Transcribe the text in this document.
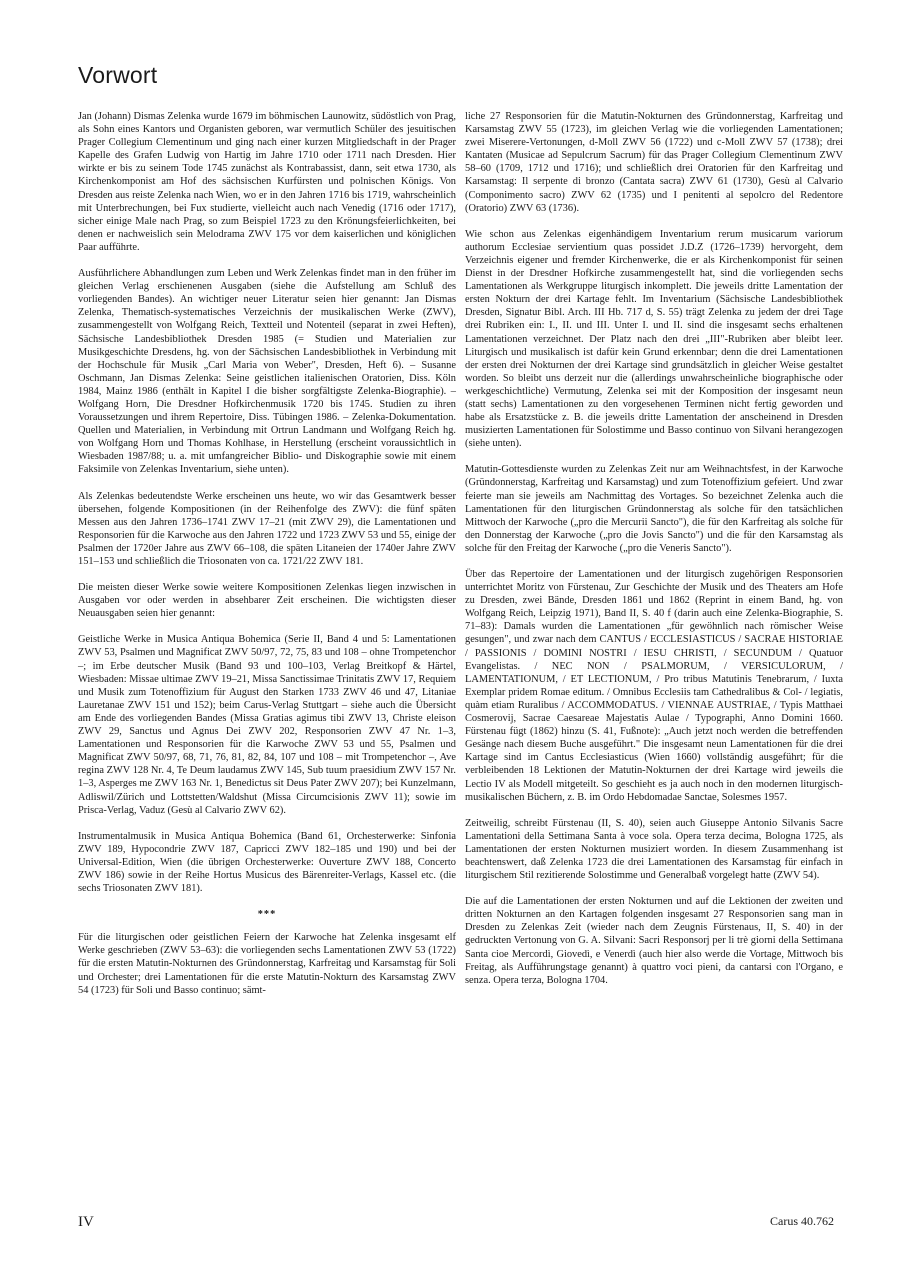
Vorwort

Jan (Johann) Dismas Zelenka wurde 1679 im böhmischen Launowitz, südöstlich von Prag, als Sohn eines Kantors und Organisten geboren, war vermutlich Schüler des jesuitischen Prager Collegium Clementinum und ging nach einer kurzen Mitgliedschaft in der Prager Kapelle des Grafen Ludwig von Hartig im Jahre 1710 oder 1711 nach Dresden. Hier wirkte er bis zu seinem Tode 1745 zunächst als Kontrabassist, dann, seit etwa 1730, als Kirchenkomponist am Hof des sächsischen Kurfürsten und polnischen Königs. Von Dresden aus reiste Zelenka nach Wien, wo er in den Jahren 1716 bis 1719, wahrscheinlich mit Unterbrechungen, bei Fux studierte, vielleicht auch nach Venedig (1716 oder 1717), sicher einige Male nach Prag, so zum Beispiel 1723 zu den Krönungsfeierlichkeiten, bei denen er nachweislich sein Melodrama ZWV 175 vor dem kaiserlichen und königlichen Paar aufführte.

Ausführlichere Abhandlungen zum Leben und Werk Zelenkas findet man in den früher im gleichen Verlag erschienenen Ausgaben (siehe die Aufstellung am Schluß des vorliegenden Bandes). An wichtiger neuer Literatur seien hier genannt: Jan Dismas Zelenka, Thematisch-systematisches Verzeichnis der musikalischen Werke (ZWV), zusammengestellt von Wolfgang Reich, Textteil und Notenteil (separat in zwei Heften), Sächsische Landesbibliothek Dresden 1985 (= Studien und Materialien zur Musikgeschichte Dresdens, hg. von der Sächsischen Landesbibliothek in Verbindung mit der Hochschule für Musik „Carl Maria von Weber", Dresden, Heft 6). – Susanne Oschmann, Jan Dismas Zelenka: Seine geistlichen italienischen Oratorien, Diss. Köln 1984, Mainz 1986 (enthält in Kapitel I die bisher sorgfältigste Zelenka-Biographie). – Wolfgang Horn, Die Dresdner Hofkirchenmusik 1720 bis 1745. Studien zu ihren Voraussetzungen und ihrem Repertoire, Diss. Tübingen 1986. – Zelenka-Dokumentation. Quellen und Materialien, in Verbindung mit Ortrun Landmann und Wolfgang Reich hg. von Wolfgang Horn und Thomas Kohlhase, in Herstellung (erscheint voraussichtlich in Wiesbaden 1987/88; u. a. mit umfangreicher Biblio- und Diskographie sowie mit einem Faksimile von Zelenkas Inventarium, siehe unten).

Als Zelenkas bedeutendste Werke erscheinen uns heute, wo wir das Gesamtwerk besser übersehen, folgende Kompositionen (in der Reihenfolge des ZWV): die fünf späten Messen aus den Jahren 1736–1741 ZWV 17–21 (mit ZWV 29), die Lamentationen und Responsorien für die Karwoche aus den Jahren 1722 und 1723 ZWV 53 und 55, einige der Psalmen der 1720er Jahre aus ZWV 66–108, die späten Litaneien der 1740er Jahre ZWV 151–153 und schließlich die Triosonaten von ca. 1721/22 ZWV 181.

Die meisten dieser Werke sowie weitere Kompositionen Zelenkas liegen inzwischen in Ausgaben vor oder werden in absehbarer Zeit erscheinen. Die wichtigsten dieser Neuausgaben seien hier genannt:

Geistliche Werke in Musica Antiqua Bohemica (Serie II, Band 4 und 5: Lamentationen ZWV 53, Psalmen und Magnificat ZWV 50/97, 72, 75, 83 und 108 – ohne Trompetenchor –; im Erbe deutscher Musik (Band 93 und 100–103, Verlag Breitkopf & Härtel, Wiesbaden: Missae ultimae ZWV 19–21, Missa Sanctissimae Trinitatis ZWV 17, Requiem und Musik zum Totenoffizium für August den Starken 1733 ZWV 46 und 47, Litaniae Lauretanae ZWV 151 und 152); beim Carus-Verlag Stuttgart – siehe auch die Übersicht am Ende des vorliegenden Bandes (Missa Gratias agimus tibi ZWV 13, Christe eleison ZWV 29, Sanctus und Agnus Dei ZWV 202, Responsorien ZWV 47 Nr. 1–3, Lamentationen und Responsorien für die Karwoche ZWV 53 und 55, Psalmen und Magnificat ZWV 50/97, 68, 71, 76, 81, 82, 84, 107 und 108 – mit Trompetenchor –, Ave regina ZWV 128 Nr. 4, Te Deum laudamus ZWV 145, Sub tuum praesidium ZWV 157 Nr. 1–3, Asperges me ZWV 163 Nr. 1, Benedictus sit Deus Pater ZWV 207); bei Kunzelmann, Adliswil/Zürich und Lottstetten/Waldshut (Missa Circumcisionis ZWV 11); sowie im Prisca-Verlag, Vaduz (Gesù al Calvario ZWV 62).

Instrumentalmusik in Musica Antiqua Bohemica (Band 61, Orchesterwerke: Sinfonia ZWV 189, Hypocondrie ZWV 187, Capricci ZWV 182–185 und 190) und bei der Universal-Edition, Wien (die übrigen Orchesterwerke: Ouverture ZWV 188, Concerto ZWV 186) sowie in der Reihe Hortus Musicus des Bärenreiter-Verlags, Kassel etc. (die sechs Triosonaten ZWV 181).

***

Für die liturgischen oder geistlichen Feiern der Karwoche hat Zelenka insgesamt elf Werke geschrieben (ZWV 53–63): die vorliegenden sechs Lamentationen ZWV 53 (1722) für die ersten Matutin-Nokturnen des Gründonnerstag, Karfreitag und Karsamstag für Soli und Orchester; drei Lamentationen für die erste Matutin-Nokturn des Karsamstag ZWV 54 (1723) für Soli und Basso continuo; sämt-

liche 27 Responsorien für die Matutin-Nokturnen des Gründonnerstag, Karfreitag und Karsamstag ZWV 55 (1723), im gleichen Verlag wie die vorliegenden Lamentationen; zwei Miserere-Vertonungen, d-Moll ZWV 56 (1722) und c-Moll ZWV 57 (1738); drei Kantaten (Musicae ad Sepulcrum Sacrum) für das Prager Collegium Clementinum ZWV 58–60 (1709, 1712 und 1716); und schließlich drei Oratorien für den Karfreitag und Karsamstag: Il serpente di bronzo (Cantata sacra) ZWV 61 (1730), Gesù al Calvario (Componimento sacro) ZWV 62 (1735) und I penitenti al sepolcro del Redentore (Oratorio) ZWV 63 (1736).

Wie schon aus Zelenkas eigenhändigem Inventarium rerum musicarum variorum authorum Ecclesiae servientium quas possidet J.D.Z (1726–1739) hervorgeht, dem Verzeichnis eigener und fremder Kirchenwerke, die er als Kirchenkomponist für seinen Dienst in der Dresdner Hofkirche zusammengestellt hat, sind die vorliegenden sechs Lamentationen als Werkgruppe liturgisch inkomplett. Die jeweils dritte Lamentation der ersten Nokturn der drei Kartage fehlt. Im Inventarium (Sächsische Landesbibliothek Dresden, Signatur Bibl. Arch. III Hb. 717 d, S. 55) trägt Zelenka zu jedem der drei Tage drei Rubriken ein: I., II. und III. Unter I. und II. sind die insgesamt sechs erhaltenen Lamentationen verzeichnet. Der Platz nach den drei „III"-Rubriken aber bleibt leer. Liturgisch und musikalisch ist dafür kein Grund erkennbar; denn die drei Lamentationen der ersten drei Nokturnen der drei Kartage sind grundsätzlich in gleicher Weise gestaltet worden. So bleibt uns derzeit nur die (allerdings unwahrscheinliche biographische oder werkgeschichtliche) Vermutung, Zelenka sei mit der Komposition der insgesamt neun (statt sechs) Lamentationen zu den vorgesehenen Terminen nicht fertig geworden und habe als Ersatzstücke z. B. die jeweils dritte Lamentation der anscheinend in Dresden musizierten Lamentationen für Solostimme und Basso continuo von Silvani herangezogen (siehe unten).

Matutin-Gottesdienste wurden zu Zelenkas Zeit nur am Weihnachtsfest, in der Karwoche (Gründonnerstag, Karfreitag und Karsamstag) und zum Totenoffizium gefeiert. Und zwar feierte man sie jeweils am Nachmittag des Vortages. So bezeichnet Zelenka auch die Lamentationen für den liturgischen Gründonnerstag als solche für den tatsächlichen Mittwoch der Karwoche („pro die Mercurii Sancto"), die für den Karfreitag als solche für den Donnerstag der Karwoche („pro die Jovis Sancto") und die für den Karsamstag als solche für den Freitag der Karwoche („pro die Veneris Sancto").

Über das Repertoire der Lamentationen und der liturgisch zugehörigen Responsorien unterrichtet Moritz von Fürstenau, Zur Geschichte der Musik und des Theaters am Hofe zu Dresden, zwei Bände, Dresden 1861 und 1862 (Reprint in einem Band, hg. von Wolfgang Reich, Leipzig 1971), Band II, S. 40 f (darin auch eine Zelenka-Biographie, S. 71–83): Damals wurden die Lamentationen „für gewöhnlich nach römischer Weise gesungen", und zwar nach dem CANTUS / ECCLESIASTICUS / SACRAE HISTORIAE / PASSIONIS / DOMINI NOSTRI / IESU CHRISTI, / SECUNDUM / Quatuor Evangelistas. / NEC NON / PSALMORUM, / VERSICULORUM, / LAMENTATIONUM, / ET LECTIONUM, / Pro tribus Matutinis Tenebrarum, / Iuxta Exemplar pridem Romae editum. / Omnibus Ecclesiis tam Cathedralibus & Col- / legiatis, quàm etiam Ruralibus / ACCOMMODATUS. / VIENNAE AUSTRIAE, / Typis Matthaei Cosmerovij, Sacrae Caesareae Majestatis Aulae / Typographi, Anno Domini 1660. Fürstenau fügt (1862) hinzu (S. 41, Fußnote): „Auch jetzt noch werden die betreffenden Gesänge nach diesem Buche ausgeführt." Die insgesamt neun Lamentationen für die drei Kartage sind im Cantus Ecclesiasticus (Wien 1660) vollständig ausgeführt; für die verbleibenden 18 Lektionen der Matutin-Nokturnen der drei Kartage wird jeweils die Lectio IV als Modell mitgeteilt. So geschieht es ja auch noch in den modernen liturgisch-musikalischen Büchern, z. B. im Ordo Hebdomadae Sanctae, Solesmes 1957.

Zeitweilig, schreibt Fürstenau (II, S. 40), seien auch Giuseppe Antonio Silvanis Sacre Lamentationi della Settimana Santa à voce sola. Opera terza decima, Bologna 1725, als Lamentationen der ersten Nokturnen musiziert worden. In diesem Zusammenhang ist beachtenswert, daß Zelenka 1723 die drei Lamentationen des Karsamstag für einfach in liturgischem Stil rezitierende Solostimme und Generalbaß vorgelegt hatte (ZWV 54).

Die auf die Lamentationen der ersten Nokturnen und auf die Lektionen der zweiten und dritten Nokturnen an den Kartagen folgenden insgesamt 27 Responsorien sang man in Dresden zu Zelenkas Zeit (wieder nach dem Zeugnis Fürstenaus, II, S. 40) in der gedruckten Vertonung von G. A. Silvani: Sacri Responsorj per li trè giorni della Settimana Santa cioe Mercordì, Giovedì, e Venerdì (auch hier also werde die Vortage, Mittwoch bis Freitag, als Aufführungstage genannt) à quattro voci pieni, da cantarsi con l'Organo, e senza. Opera terza, Bologna 1704.

IV	Carus 40.762
